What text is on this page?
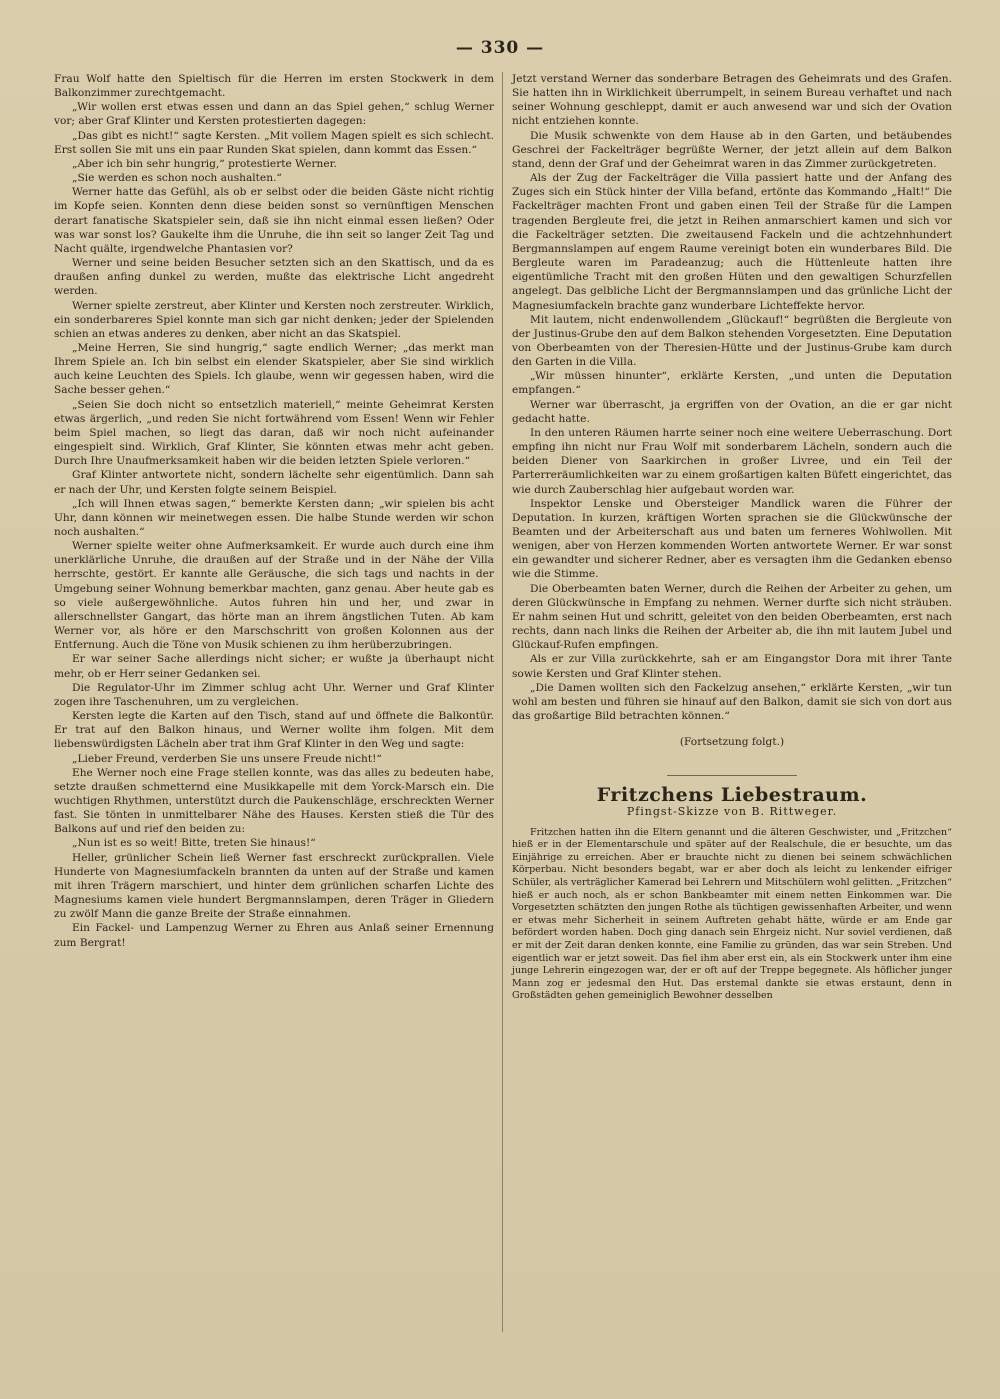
— 330 —

Frau Wolf hatte den Spieltisch für die Herren im ersten Stockwerk in dem Balkonzimmer zurechtgemacht.

„Wir wollen erst etwas essen und dann an das Spiel gehen,“ schlug Werner vor; aber Graf Klinter und Kersten protestierten dagegen:

„Das gibt es nicht!“ sagte Kersten. „Mit vollem Magen spielt es sich schlecht. Erst sollen Sie mit uns ein paar Runden Skat spielen, dann kommt das Essen.“

„Aber ich bin sehr hungrig,“ protestierte Werner.

„Sie werden es schon noch aushalten.“

Werner hatte das Gefühl, als ob er selbst oder die beiden Gäste nicht richtig im Kopfe seien. Konnten denn diese beiden sonst so vernünftigen Menschen derart fanatische Skatspieler sein, daß sie ihn nicht einmal essen ließen? Oder was war sonst los? Gaukelte ihm die Unruhe, die ihn seit so langer Zeit Tag und Nacht quälte, irgendwelche Phantasien vor?

Werner und seine beiden Besucher setzten sich an den Skattisch, und da es draußen anfing dunkel zu werden, mußte das elektrische Licht angedreht werden.

Werner spielte zerstreut, aber Klinter und Kersten noch zerstreuter. Wirklich, ein sonderbareres Spiel konnte man sich gar nicht denken; jeder der Spielenden schien an etwas anderes zu denken, aber nicht an das Skatspiel.

„Meine Herren, Sie sind hungrig,“ sagte endlich Werner; „das merkt man Ihrem Spiele an. Ich bin selbst ein elender Skatspieler, aber Sie sind wirklich auch keine Leuchten des Spiels. Ich glaube, wenn wir gegessen haben, wird die Sache besser gehen.“

„Seien Sie doch nicht so entsetzlich materiell,“ meinte Geheimrat Kersten etwas ärgerlich, „und reden Sie nicht fortwährend vom Essen! Wenn wir Fehler beim Spiel machen, so liegt das daran, daß wir noch nicht aufeinander eingespielt sind. Wirklich, Graf Klinter, Sie könnten etwas mehr acht geben. Durch Ihre Unaufmerksamkeit haben wir die beiden letzten Spiele verloren.“

Graf Klinter antwortete nicht, sondern lächelte sehr eigentümlich. Dann sah er nach der Uhr, und Kersten folgte seinem Beispiel.

„Ich will Ihnen etwas sagen,“ bemerkte Kersten dann; „wir spielen bis acht Uhr, dann können wir meinetwegen essen. Die halbe Stunde werden wir schon noch aushalten.“

Werner spielte weiter ohne Aufmerksamkeit. Er wurde auch durch eine ihm unerklärliche Unruhe, die draußen auf der Straße und in der Nähe der Villa herrschte, gestört. Er kannte alle Geräusche, die sich tags und nachts in der Umgebung seiner Wohnung bemerkbar machten, ganz genau. Aber heute gab es so viele außergewöhnliche. Autos fuhren hin und her, und zwar in allerschnellster Gangart, das hörte man an ihrem ängstlichen Tuten. Ab kam Werner vor, als höre er den Marschschritt von großen Kolonnen aus der Entfernung. Auch die Töne von Musik schienen zu ihm herüberzubringen.

Er war seiner Sache allerdings nicht sicher; er wußte ja überhaupt nicht mehr, ob er Herr seiner Gedanken sei.

Die Regulator-Uhr im Zimmer schlug acht Uhr. Werner und Graf Klinter zogen ihre Taschenuhren, um zu vergleichen.

Kersten legte die Karten auf den Tisch, stand auf und öffnete die Balkontür. Er trat auf den Balkon hinaus, und Werner wollte ihm folgen. Mit dem liebenswürdigsten Lächeln aber trat ihm Graf Klinter in den Weg und sagte:

„Lieber Freund, verderben Sie uns unsere Freude nicht!“

Ehe Werner noch eine Frage stellen konnte, was das alles zu bedeuten habe, setzte draußen schmetternd eine Musikkapelle mit dem Yorck-Marsch ein. Die wuchtigen Rhythmen, unterstützt durch die Paukenschläge, erschreckten Werner fast. Sie tönten in unmittelbarer Nähe des Hauses. Kersten stieß die Tür des Balkons auf und rief den beiden zu:

„Nun ist es so weit! Bitte, treten Sie hinaus!“

Heller, grünlicher Schein ließ Werner fast erschreckt zurückprallen. Viele Hunderte von Magnesiumfackeln brannten da unten auf der Straße und kamen mit ihren Trägern marschiert, und hinter dem grünlichen scharfen Lichte des Magnesiums kamen viele hundert Bergmannslampen, deren Träger in Gliedern zu zwölf Mann die ganze Breite der Straße einnahmen.

Ein Fackel- und Lampenzug Werner zu Ehren aus Anlaß seiner Ernennung zum Bergrat!

Jetzt verstand Werner das sonderbare Betragen des Geheimrats und des Grafen. Sie hatten ihn in Wirklichkeit überrumpelt, in seinem Bureau verhaftet und nach seiner Wohnung geschleppt, damit er auch anwesend war und sich der Ovation nicht entziehen konnte.

Die Musik schwenkte von dem Hause ab in den Garten, und betäubendes Geschrei der Fackelträger begrüßte Werner, der jetzt allein auf dem Balkon stand, denn der Graf und der Geheimrat waren in das Zimmer zurückgetreten.

Als der Zug der Fackelträger die Villa passiert hatte und der Anfang des Zuges sich ein Stück hinter der Villa befand, ertönte das Kommando „Halt!“ Die Fackelträger machten Front und gaben einen Teil der Straße für die Lampen tragenden Bergleute frei, die jetzt in Reihen anmarschiert kamen und sich vor die Fackelträger setzten. Die zweitausend Fackeln und die achtzehnhundert Bergmannslampen auf engem Raume vereinigt boten ein wunderbares Bild. Die Bergleute waren im Paradeanzug; auch die Hüttenleute hatten ihre eigentümliche Tracht mit den großen Hüten und den gewaltigen Schurzfellen angelegt. Das gelbliche Licht der Bergmannslampen und das grünliche Licht der Magnesiumfackeln brachte ganz wunderbare Lichteffekte hervor.

Mit lautem, nicht endenwollendem „Glückauf!“ begrüßten die Bergleute von der Justinus-Grube den auf dem Balkon stehenden Vorgesetzten. Eine Deputation von Oberbeamten von der Theresien-Hütte und der Justinus-Grube kam durch den Garten in die Villa.

„Wir müssen hinunter“, erklärte Kersten, „und unten die Deputation empfangen.“

Werner war überrascht, ja ergriffen von der Ovation, an die er gar nicht gedacht hatte.

In den unteren Räumen harrte seiner noch eine weitere Ueberraschung. Dort empfing ihn nicht nur Frau Wolf mit sonderbarem Lächeln, sondern auch die beiden Diener von Saarkirchen in großer Livree, und ein Teil der Parterreräumlichkeiten war zu einem großartigen kalten Büfett eingerichtet, das wie durch Zauberschlag hier aufgebaut worden war.

Inspektor Lenske und Obersteiger Mandlick waren die Führer der Deputation. In kurzen, kräftigen Worten sprachen sie die Glückwünsche der Beamten und der Arbeiterschaft aus und baten um ferneres Wohlwollen. Mit wenigen, aber von Herzen kommenden Worten antwortete Werner. Er war sonst ein gewandter und sicherer Redner, aber es versagten ihm die Gedanken ebenso wie die Stimme.

Die Oberbeamten baten Werner, durch die Reihen der Arbeiter zu gehen, um deren Glückwünsche in Empfang zu nehmen. Werner durfte sich nicht sträuben. Er nahm seinen Hut und schritt, geleitet von den beiden Oberbeamten, erst nach rechts, dann nach links die Reihen der Arbeiter ab, die ihn mit lautem Jubel und Glückauf-Rufen empfingen.

Als er zur Villa zurückkehrte, sah er am Eingangstor Dora mit ihrer Tante sowie Kersten und Graf Klinter stehen.

„Die Damen wollten sich den Fackelzug ansehen,“ erklärte Kersten, „wir tun wohl am besten und führen sie hinauf auf den Balkon, damit sie sich von dort aus das großartige Bild betrachten können.“

(Fortsetzung folgt.)

Fritzchens Liebestraum.
Pfingst-Skizze von B. Rittweger.

Fritzchen hatten ihn die Eltern genannt und die älteren Geschwister, und „Fritzchen“ hieß er in der Elementarschule und später auf der Realschule, die er besuchte, um das Einjährige zu erreichen. Aber er brauchte nicht zu dienen bei seinem schwächlichen Körperbau. Nicht besonders begabt, war er aber doch als leicht zu lenkender eifriger Schüler, als verträglicher Kamerad bei Lehrern und Mitschülern wohl gelitten. „Fritzchen“ hieß er auch noch, als er schon Bankbeamter mit einem netten Einkommen war. Die Vorgesetzten schätzten den jungen Rothe als tüchtigen gewissenhaften Arbeiter, und wenn er etwas mehr Sicherheit in seinem Auftreten gehabt hätte, würde er am Ende gar befördert worden haben. Doch ging danach sein Ehrgeiz nicht. Nur soviel verdienen, daß er mit der Zeit daran denken konnte, eine Familie zu gründen, das war sein Streben. Und eigentlich war er jetzt soweit. Das fiel ihm aber erst ein, als ein Stockwerk unter ihm eine junge Lehrerin eingezogen war, der er oft auf der Treppe begegnete. Als höflicher junger Mann zog er jedesmal den Hut. Das erstemal dankte sie etwas erstaunt, denn in Großstädten gehen gemeiniglich Bewohner desselben
